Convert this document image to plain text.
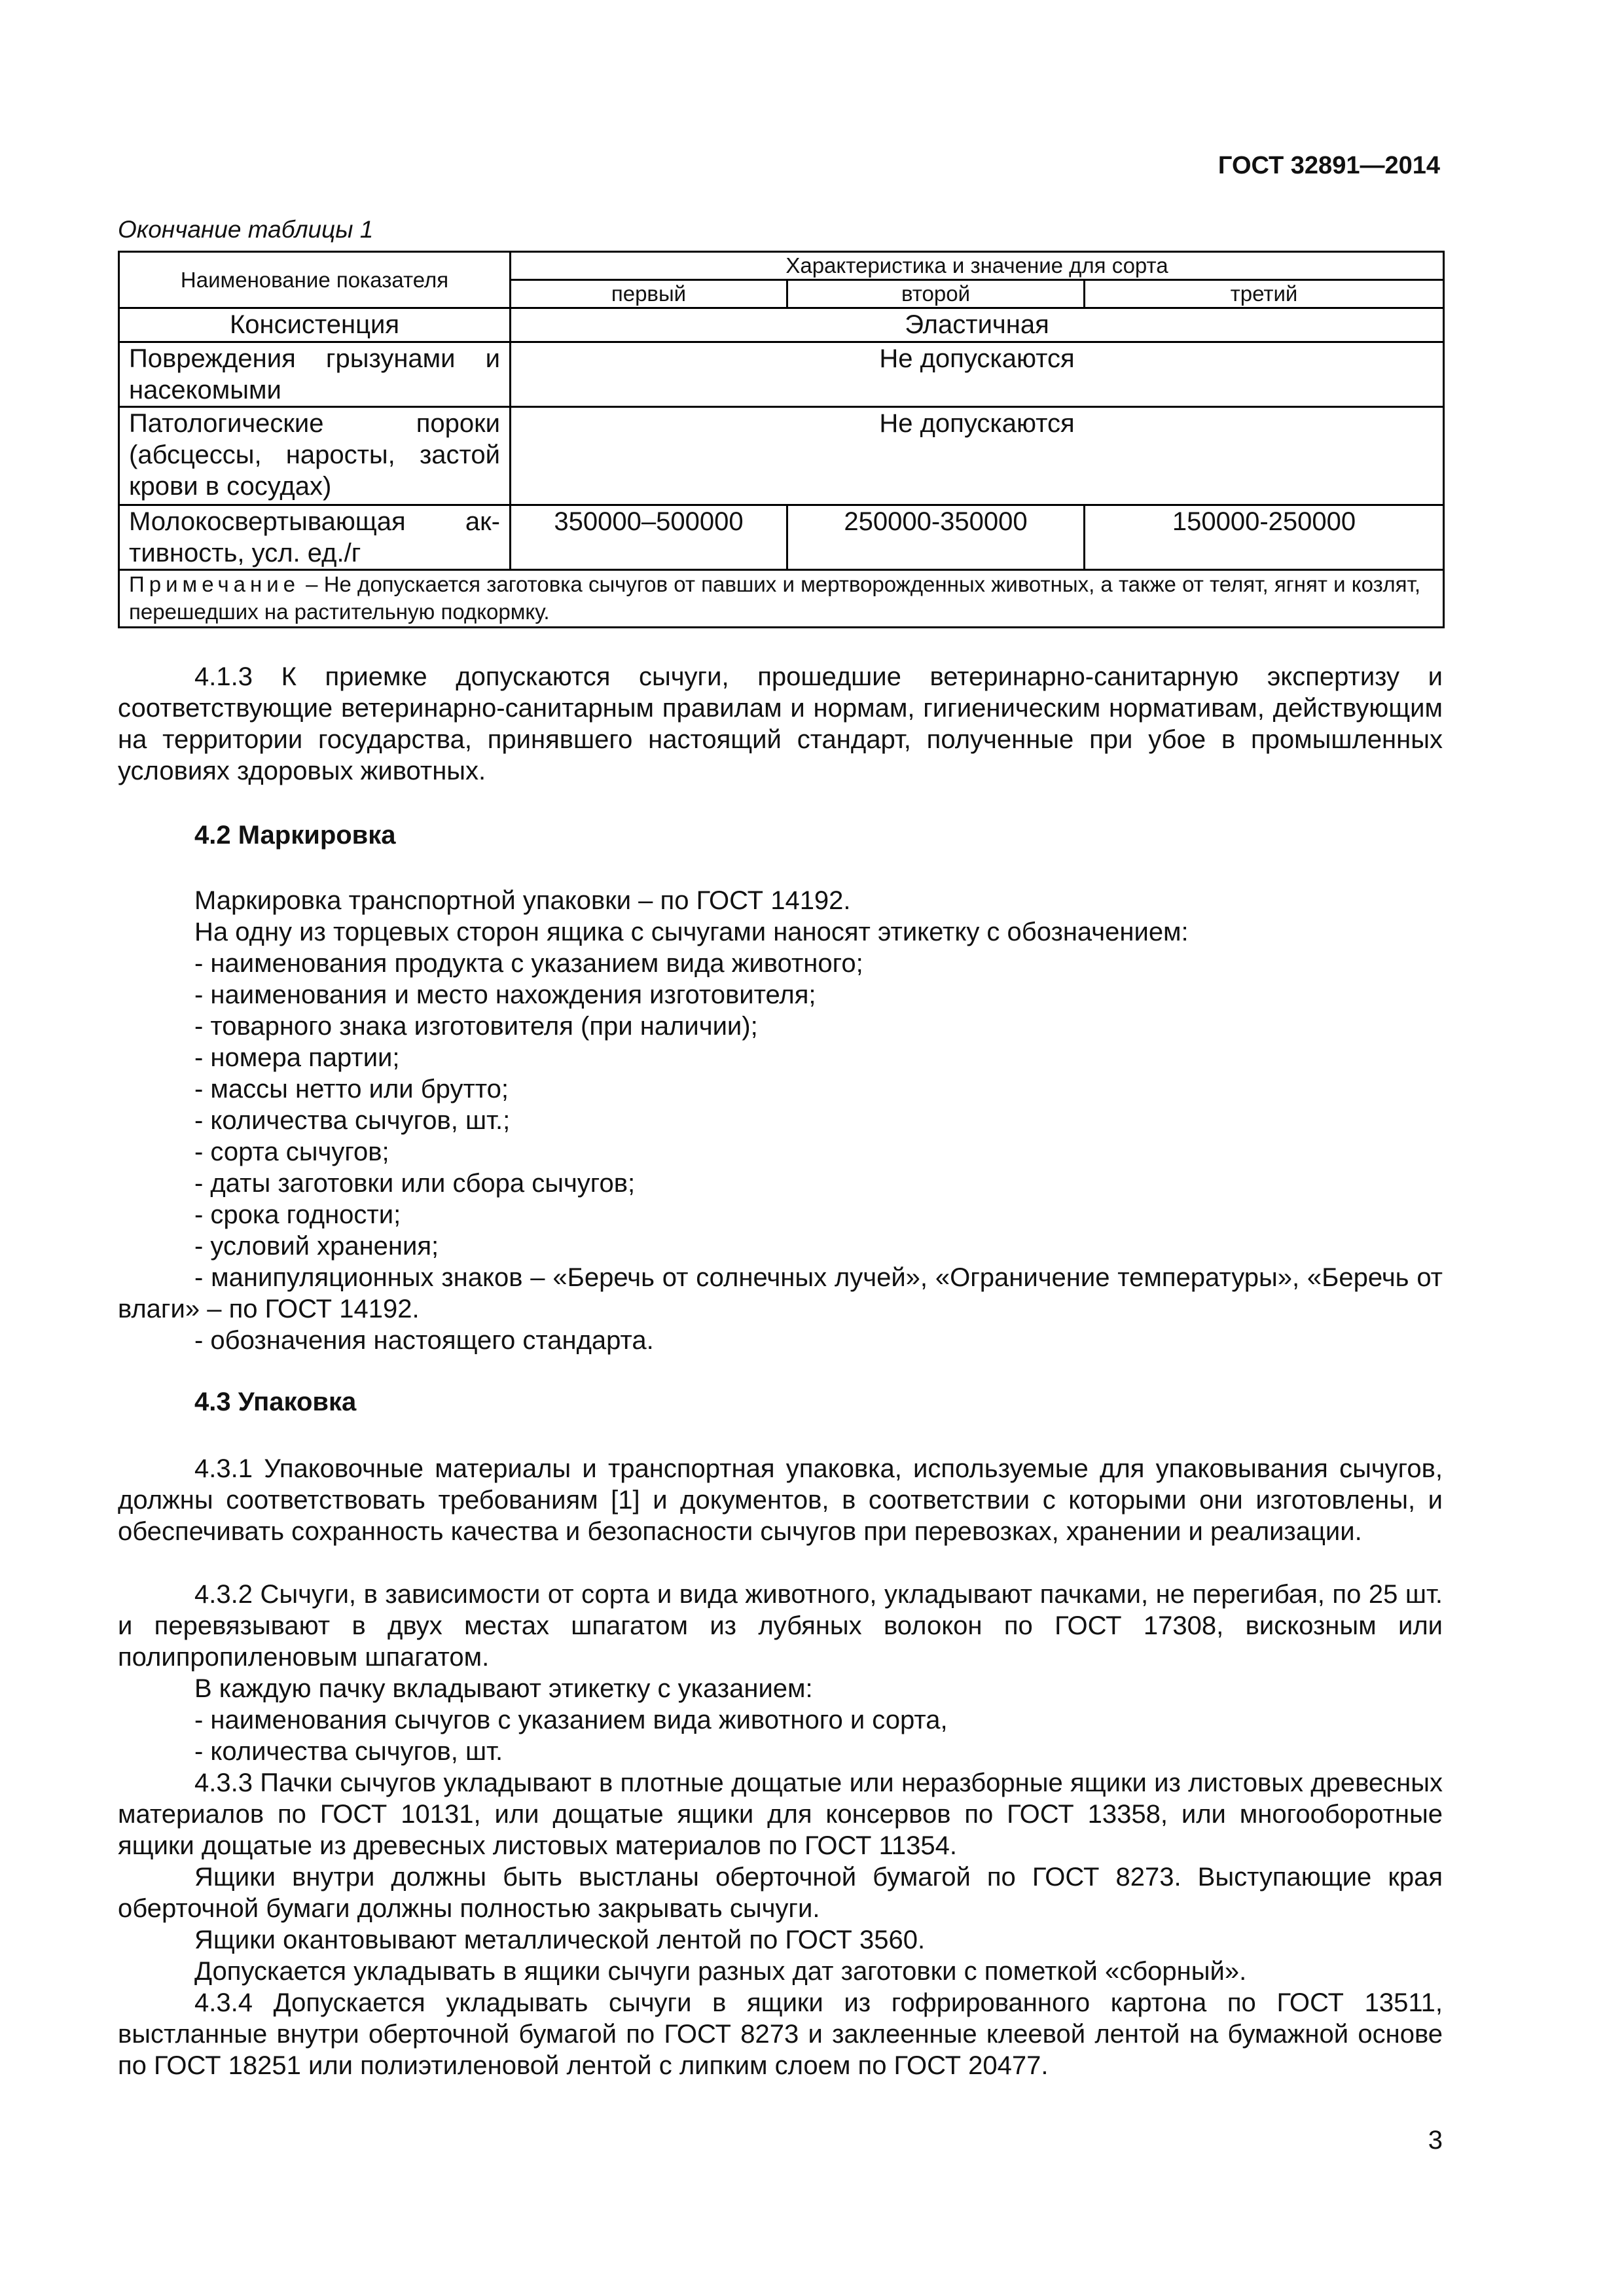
ГОСТ 32891—2014
Окончание таблицы 1
Наименование показателя	Характеристика и значение для сорта		
	первый	второй	третий
Консистенция	Эластичная		
Повреждения грызунами и насекомыми	Не допускаются		
Патологические пороки (абсцессы, наросты, застой крови в сосудах)	Не допускаются		

Молокосвертывающая ак-
тивность, усл. ед./г	350000–500000	250000-350000	150000-250000
Примечание – Не допускается заготовка сычугов от павших и мертворожденных животных, а также от телят, ягнят и козлят, перешедших на растительную подкормку.			

4.1.3 К приемке допускаются сычуги, прошедшие ветеринарно-санитарную экспертизу и соответствующие ветеринарно-санитарным правилам и нормам, гигиеническим нормативам, действующим на территории государства, принявшего настоящий стандарт, полученные при убое в промышленных условиях здоровых животных.

4.2 Маркировка

Маркировка транспортной упаковки – по ГОСТ 14192.

На одну из торцевых сторон ящика с сычугами наносят этикетку с обозначением:

- наименования продукта с указанием вида животного;
- наименования и место нахождения изготовителя;
- товарного знака изготовителя (при наличии);
- номера партии;
- массы нетто или брутто;
- количества сычугов, шт.;
- сорта сычугов;
- даты заготовки или сбора сычугов;
- срока годности;
- условий хранения;

- манипуляционных знаков – «Беречь от солнечных лучей», «Ограничение температуры», «Беречь от влаги» – по ГОСТ 14192.

- обозначения настоящего стандарта.

4.3 Упаковка

4.3.1 Упаковочные материалы и транспортная упаковка, используемые для упаковывания сычугов, должны соответствовать требованиям [1] и документов, в соответствии с которыми они изготовлены, и обеспечивать сохранность качества и безопасности сычугов при перевозках, хранении и реализации.

4.3.2 Сычуги, в зависимости от сорта и вида животного, укладывают пачками, не перегибая, по 25 шт. и перевязывают в двух местах шпагатом из лубяных волокон по ГОСТ 17308, вискозным или полипропиленовым шпагатом.

В каждую пачку вкладывают этикетку с указанием:

- наименования сычугов с указанием вида животного и сорта,

- количества сычугов, шт.

4.3.3 Пачки сычугов укладывают в плотные дощатые или неразборные ящики из листовых древесных материалов по ГОСТ 10131, или дощатые ящики для консервов по ГОСТ 13358, или многооборотные ящики дощатые из древесных листовых материалов по ГОСТ 11354.

Ящики внутри должны быть выстланы оберточной бумагой по ГОСТ 8273. Выступающие края оберточной бумаги должны полностью закрывать сычуги.

Ящики окантовывают металлической лентой по ГОСТ 3560.

Допускается укладывать в ящики сычуги разных дат заготовки с пометкой «сборный».

4.3.4 Допускается укладывать сычуги в ящики из гофрированного картона по ГОСТ 13511, выстланные внутри оберточной бумагой по ГОСТ 8273 и заклеенные клеевой лентой на бумажной основе по ГОСТ 18251 или полиэтиленовой лентой с липким слоем по ГОСТ 20477.

3
